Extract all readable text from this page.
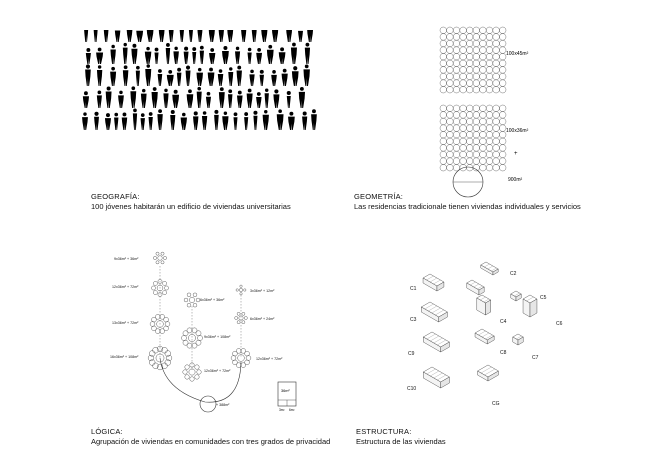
GEOGRAFÍA:
100 jóvenes habitarán un edificio de viviendas universitarias
100x45m²
100x36m²
+
900m²
GEOMETRÍA:
Las residencias tradicionale tienen viviendas individuales y servicios
9x36m² + 36m²
12x36m² + 72m²
13x36m² + 72m²
16x36m² + 108m²
6x36m² + 36m²
9x36m² + 108m²
12x36m² + 72m²
3x36m² + 12m²
6x36m² + 24m²
12x36m² + 72m²
+ 388m²
36m²
3m² 6m²
LÓGICA:
Agrupación de viviendas en comunidades con tres grados de privacidad
C1
C2
C3	C4
C5
C6
C7
C8
C9
C10
CG
ESTRUCTURA:
Estructura de las viviendas
